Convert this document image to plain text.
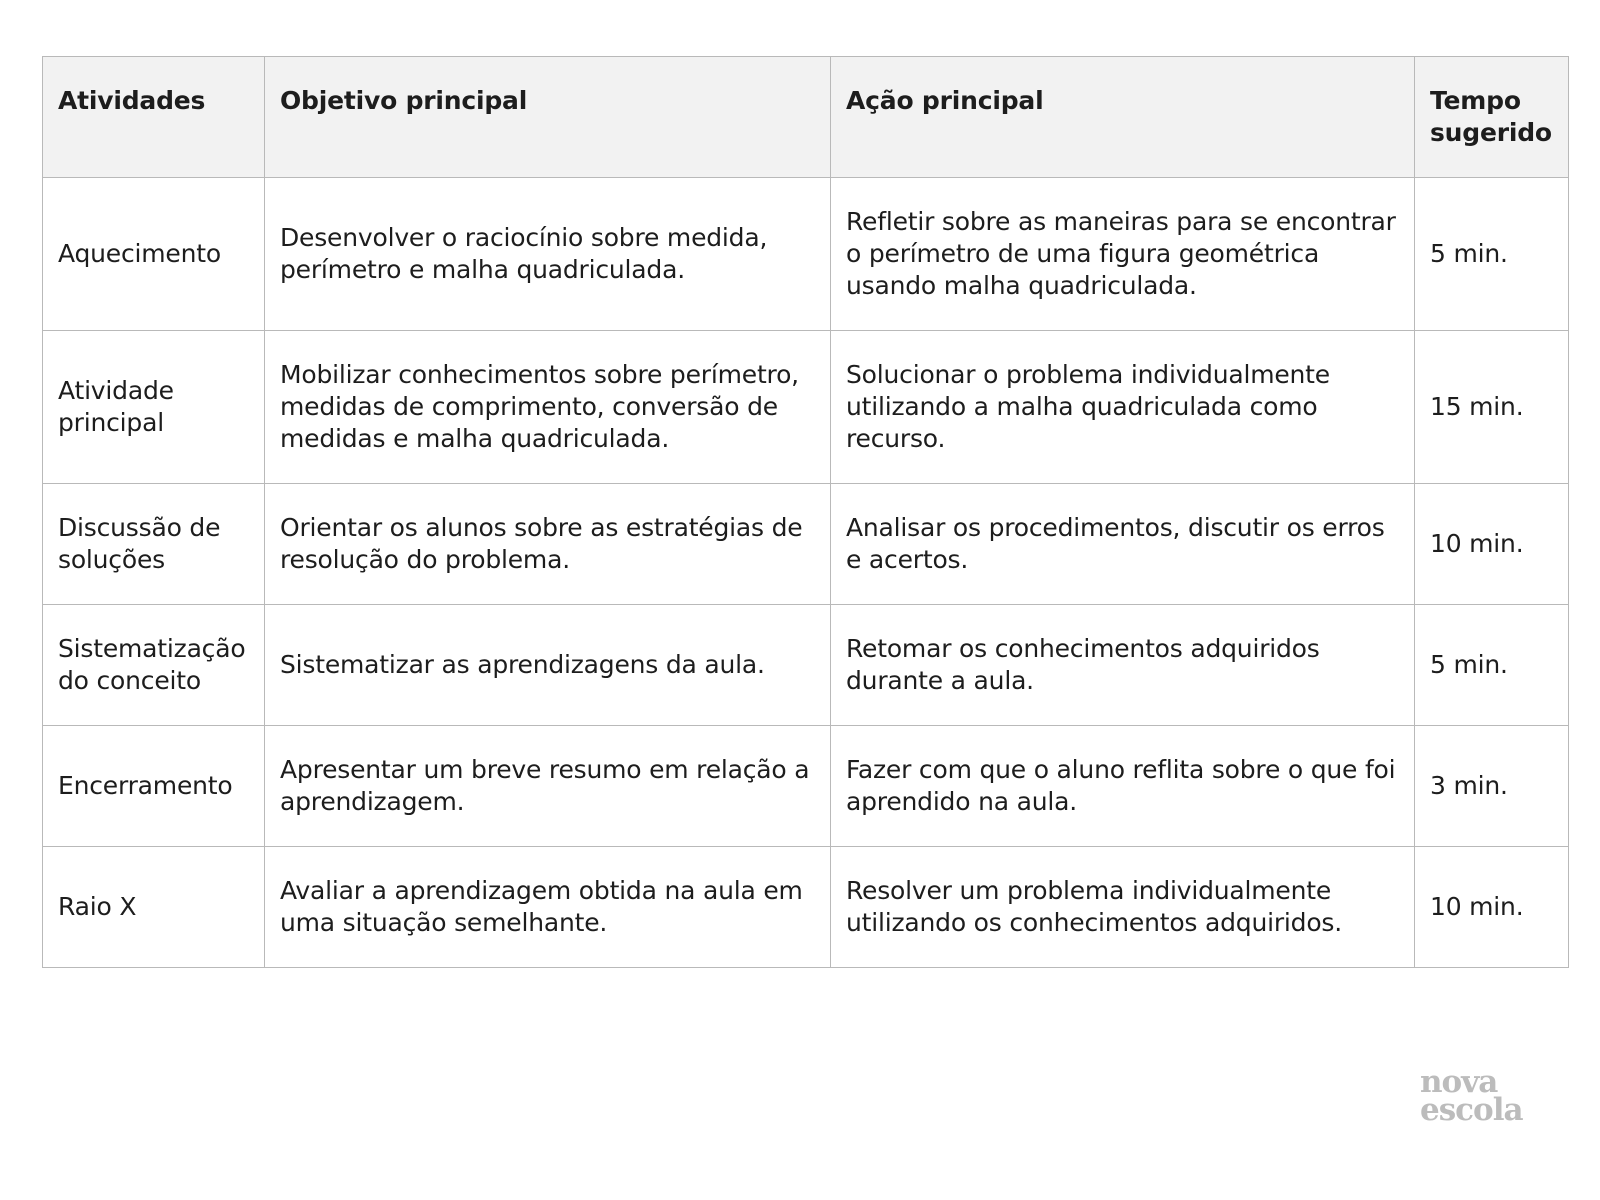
Atividades	Objetivo principal	Ação principal	Tempo sugerido
Aquecimento	Desenvolver o raciocínio sobre medida, perímetro e malha quadriculada.	Refletir sobre as maneiras para se encontrar o perímetro de uma figura geométrica usando malha quadriculada.	5 min.
Atividade principal	Mobilizar conhecimentos sobre perímetro, medidas de comprimento, conversão de medidas e malha quadriculada.	Solucionar o problema individualmente utilizando a malha quadriculada como recurso.	15 min.
Discussão de soluções	Orientar os alunos sobre as estratégias de resolução do problema.	Analisar os procedimentos, discutir os erros e acertos.	10 min.
Sistematização do conceito	Sistematizar as aprendizagens da aula.	Retomar os conhecimentos adquiridos durante a aula.	5 min.
Encerramento	Apresentar um breve resumo em relação a aprendizagem.	Fazer com que o aluno reflita sobre o que foi aprendido na aula.	3 min.
Raio X	Avaliar a aprendizagem obtida na aula em uma situação semelhante.	Resolver um problema individualmente utilizando os conhecimentos adquiridos.	10 min.
nova
escola
